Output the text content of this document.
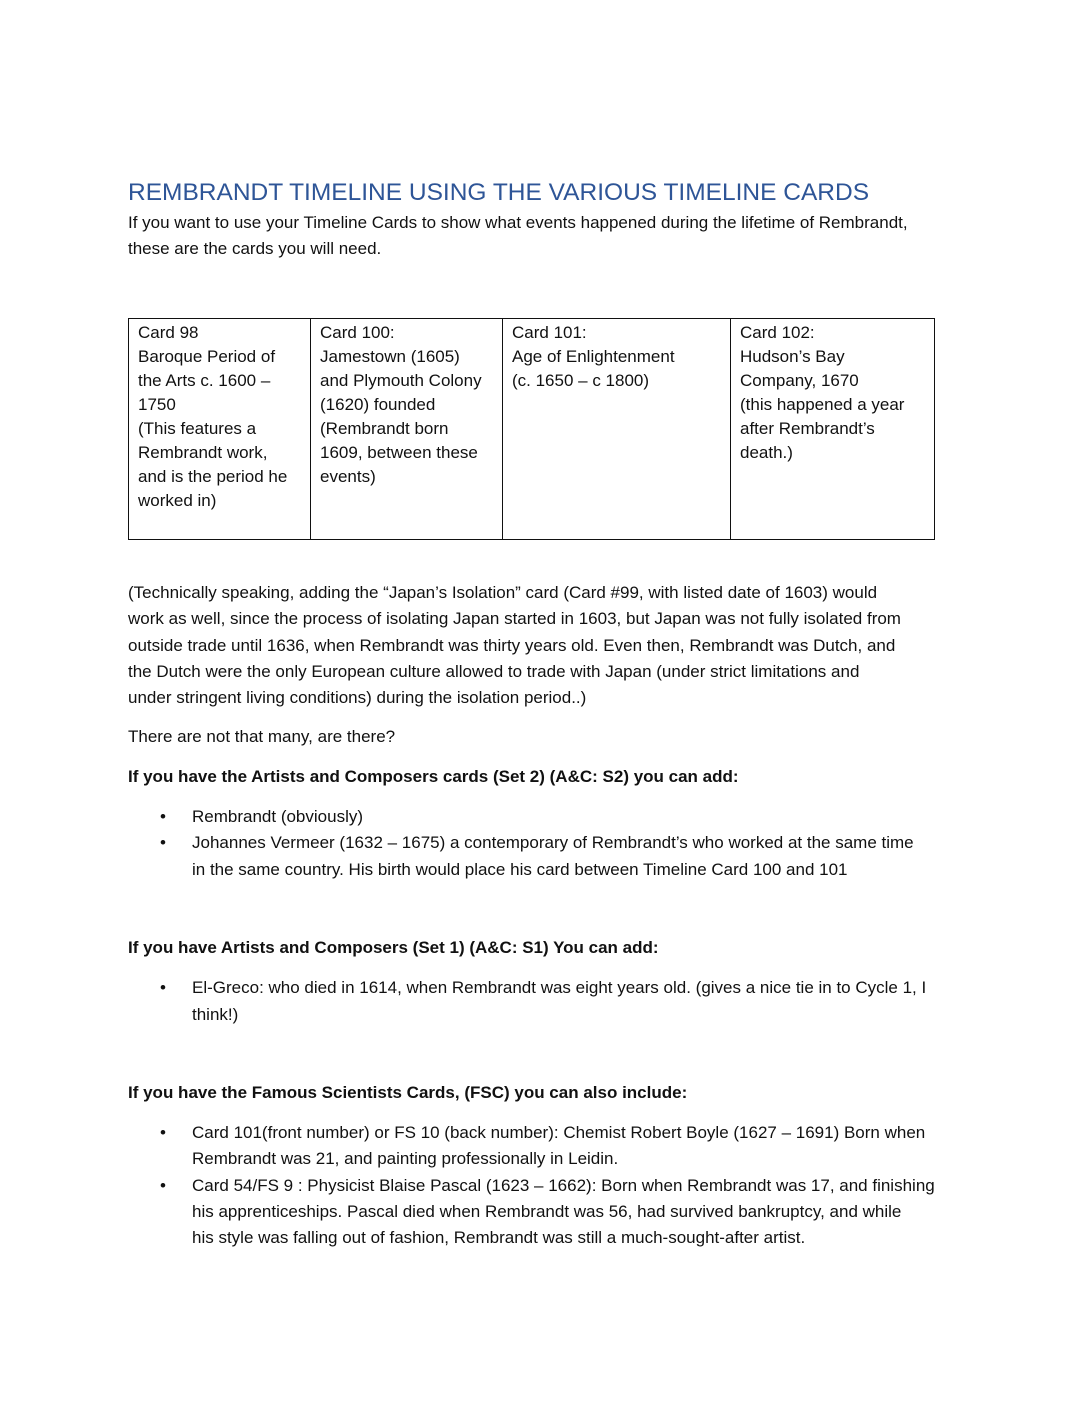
REMBRANDT TIMELINE USING THE VARIOUS TIMELINE CARDS
If you want to use your Timeline Cards to show what events happened during the lifetime of Rembrandt,
these are the cards you will need.
Card 98
Baroque Period of
the Arts c. 1600 –
1750
(This features a
Rembrandt work,
and is the period he
worked in)

Card 100:
Jamestown (1605)
and Plymouth Colony
(1620) founded
(Rembrandt born
1609, between these
events)

Card 101:
Age of Enlightenment
(c. 1650 – c 1800)

Card 102:
Hudson’s Bay
Company, 1670
(this happened a year
after Rembrandt’s
death.)
(Technically speaking, adding the “Japan’s Isolation” card (Card #99, with listed date of 1603) would
work as well, since the process of isolating Japan started in 1603, but Japan was not fully isolated from
outside trade until 1636, when Rembrandt was thirty years old. Even then, Rembrandt was Dutch, and
the Dutch were the only European culture allowed to trade with Japan (under strict limitations and
under stringent living conditions) during the isolation period..)
There are not that many, are there?
If you have the Artists and Composers cards (Set 2) (A&C: S2) you can add:
• Rembrandt (obviously)
• Johannes Vermeer (1632 – 1675) a contemporary of Rembrandt’s who worked at the same time
in the same country. His birth would place his card between Timeline Card 100 and 101
If you have Artists and Composers (Set 1) (A&C: S1) You can add:
• El-Greco: who died in 1614, when Rembrandt was eight years old. (gives a nice tie in to Cycle 1, I
think!)
If you have the Famous Scientists Cards, (FSC) you can also include:
• Card 101(front number) or FS 10 (back number): Chemist Robert Boyle (1627 – 1691) Born when
Rembrandt was 21, and painting professionally in Leidin.
• Card 54/FS 9 : Physicist Blaise Pascal (1623 – 1662): Born when Rembrandt was 17, and finishing
his apprenticeships. Pascal died when Rembrandt was 56, had survived bankruptcy, and while
his style was falling out of fashion, Rembrandt was still a much-sought-after artist.
